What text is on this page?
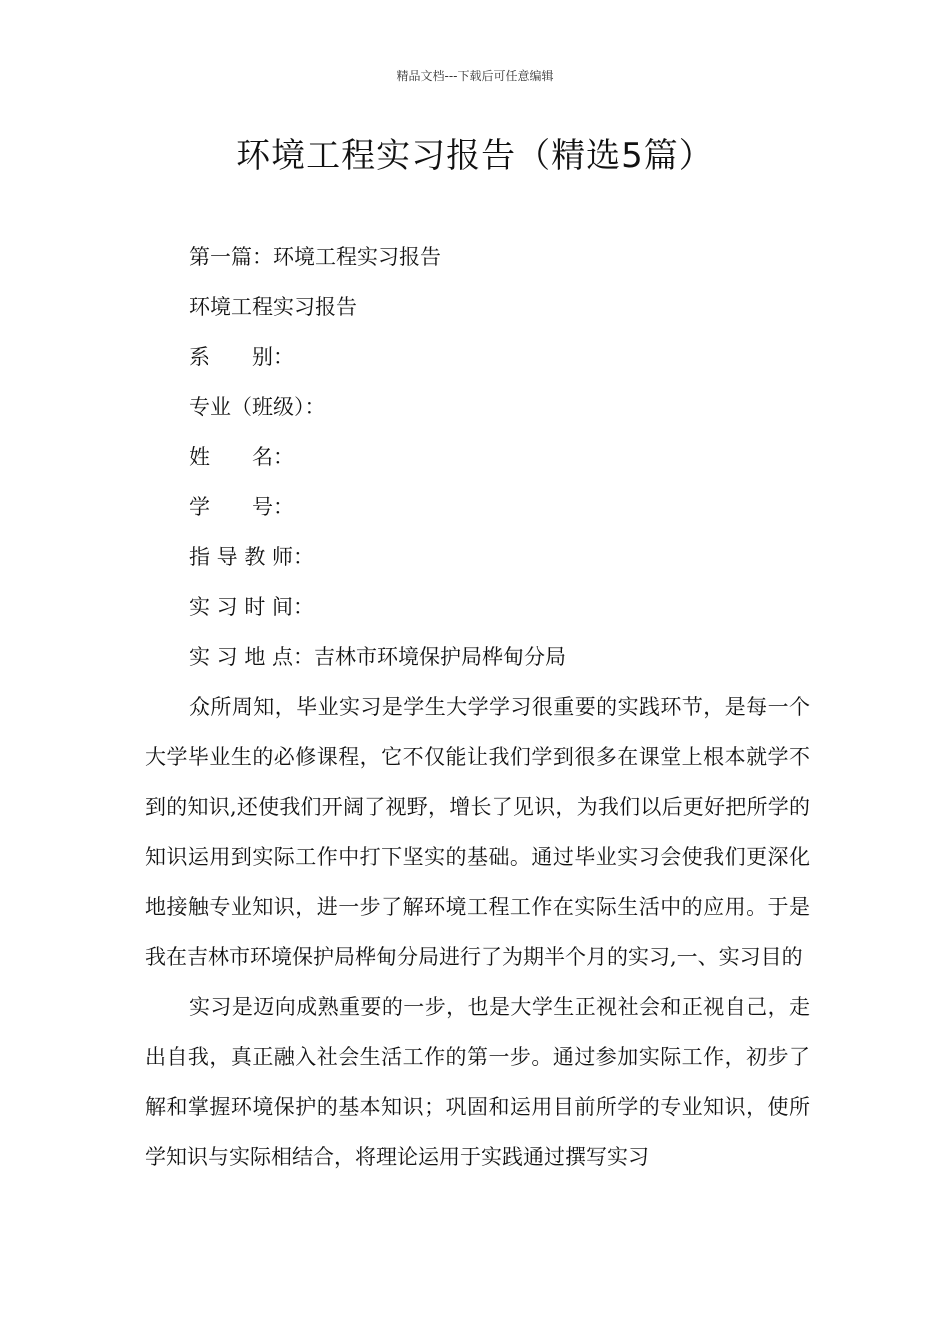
精品文档---下载后可任意编辑
环境工程实习报告（精选5篇）
第一篇：环境工程实习报告
环境工程实习报告
系　　别：
专业（班级）：
姓　　名：
学　　号：
指 导 教 师：
实 习 时 间：
实 习 地 点：吉林市环境保护局桦甸分局
众所周知，毕业实习是学生大学学习很重要的实践环节，是每一个大学毕业生的必修课程，它不仅能让我们学到很多在课堂上根本就学不到的知识,还使我们开阔了视野，增长了见识，为我们以后更好把所学的知识运用到实际工作中打下坚实的基础。通过毕业实习会使我们更深化地接触专业知识，进一步了解环境工程工作在实际生活中的应用。于是我在吉林市环境保护局桦甸分局进行了为期半个月的实习,一、实习目的
实习是迈向成熟重要的一步，也是大学生正视社会和正视自己，走出自我，真正融入社会生活工作的第一步。通过参加实际工作，初步了解和掌握环境保护的基本知识；巩固和运用目前所学的专业知识，使所学知识与实际相结合，将理论运用于实践通过撰写实习
